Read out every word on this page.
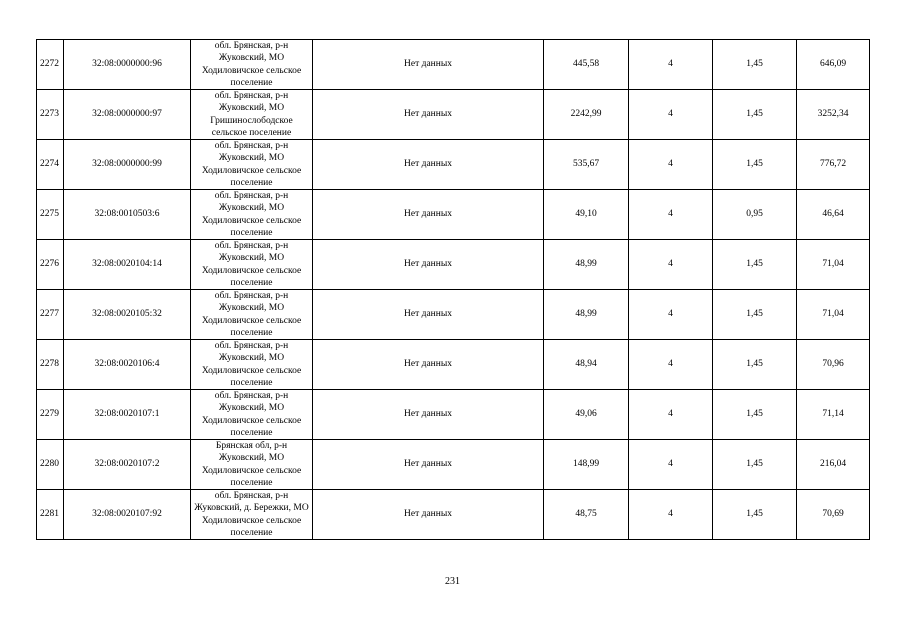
2272	32:08:0000000:96	обл. Брянская, р-н Жуковский, МО Ходиловичское сельское поселение	Нет данных	445,58	4	1,45	646,09
2273	32:08:0000000:97	обл. Брянская, р-н Жуковский, МО Гришинослободское сельское поселение	Нет данных	2242,99	4	1,45	3252,34
2274	32:08:0000000:99	обл. Брянская, р-н Жуковский, МО Ходиловичское сельское поселение	Нет данных	535,67	4	1,45	776,72
2275	32:08:0010503:6	обл. Брянская, р-н Жуковский, МО Ходиловичское сельское поселение	Нет данных	49,10	4	0,95	46,64
2276	32:08:0020104:14	обл. Брянская, р-н Жуковский, МО Ходиловичское сельское поселение	Нет данных	48,99	4	1,45	71,04
2277	32:08:0020105:32	обл. Брянская, р-н Жуковский, МО Ходиловичское сельское поселение	Нет данных	48,99	4	1,45	71,04
2278	32:08:0020106:4	обл. Брянская, р-н Жуковский, МО Ходиловичское сельское поселение	Нет данных	48,94	4	1,45	70,96
2279	32:08:0020107:1	обл. Брянская, р-н Жуковский, МО Ходиловичское сельское поселение	Нет данных	49,06	4	1,45	71,14
2280	32:08:0020107:2	Брянская обл, р-н Жуковский, МО Ходиловичское сельское поселение	Нет данных	148,99	4	1,45	216,04
2281	32:08:0020107:92	обл. Брянская, р-н Жуковский, д. Бережки, МО Ходиловичское сельское поселение	Нет данных	48,75	4	1,45	70,69
231
